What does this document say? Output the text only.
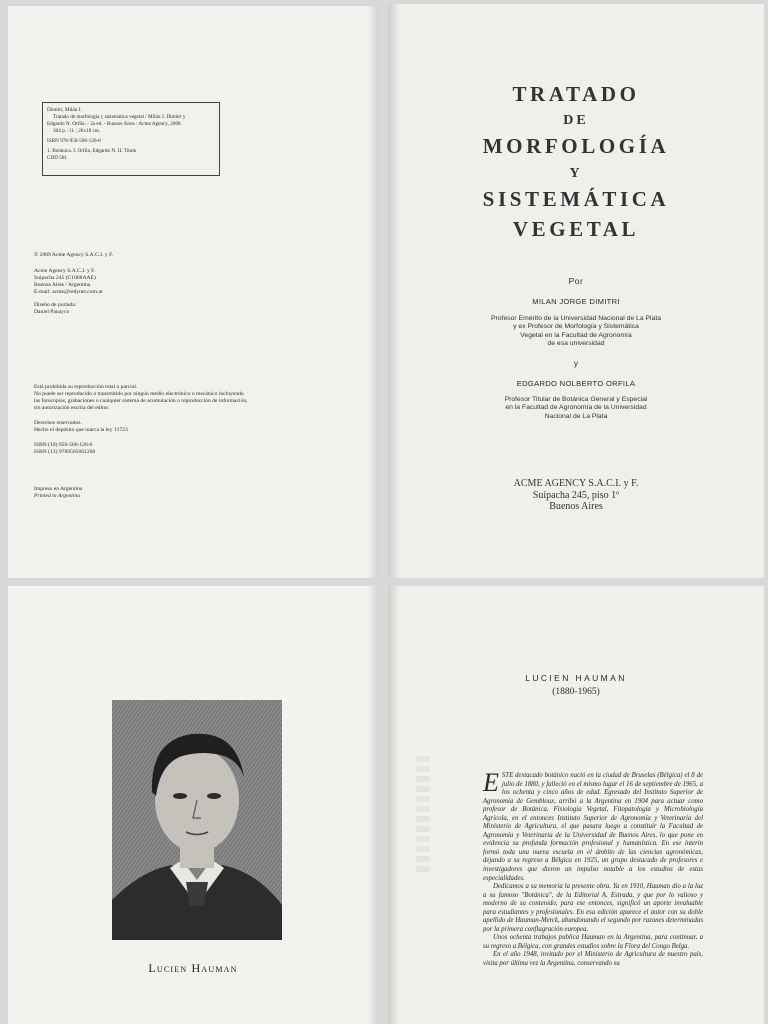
Dimitri, Milán J.
Tratado de morfología y sistemática vegetal / Milán J. Dimitri y
Edgardo N. Orfila. - 2a ed. - Buenos Aires : Acme Agency, 2008.
304 p. : il. ; 26x18 cm.
ISBN 978-950-566-126-6
1. Botánica. I. Orfila, Edgardo N. II. Título
CDD 581
© 2009 Acme Agency S.A.C.I. y F.
Acme Agency S.A.C.I. y F.
Suipacha 245 (C1008AAE)
Buenos Aires / Argentina
E-mail: acme@redynet.com.ar
Diseño de portada:
Daniel Panayco
Está prohibida su reproducción total o parcial.
No puede ser reproducido o transmitido por ningún medio electrónico o mecánico incluyendo
las fotocopias, grabaciones o cualquier sistema de acumulación o reproducción de información,
sin autorización escrita del editor.
Derechos reservados.
Hecho el depósito que marca la ley 11723
ISBN (10) 950-566-126-6
ISBN (13) 9789505661268
Impreso en Argentina
Printed in Argentina
TRATADO
DE
MORFOLOGÍA
Y
SISTEMÁTICA
VEGETAL
Por
MILAN JORGE DIMITRI
Profesor Emérito de la Universidad Nacional de La Plata
y ex Profesor de Morfología y Sistemática
Vegetal en la Facultad de Agronomía
de esa universidad
y
EDGARDO NOLBERTO ORFILA
Profesor Titular de Botánica General y Especial
en la Facultad de Agronomía de la Universidad
Nacional de La Plata
ACME AGENCY S.A.C.I. y F.
Suipacha 245, piso 1º
Buenos Aires
Lucien Hauman
LUCIEN HAUMAN
(1880-1965)

ESTE destacado botánico nació en la ciudad de Bruselas (Bélgica) el 8 de julio de 1880, y falleció en el mismo lugar el 16 de septiembre de 1965, a los ochenta y cinco años de edad. Egresado del Instituto Superior de Agronomía de Gembloux, arribó a la Argentina en 1904 para actuar como profesor de Botánica, Fisiología Vegetal, Fitopatología y Microbiología Agrícola, en el entonces Instituto Superior de Agronomía y Veterinaria del Ministerio de Agricultura, el que pasara luego a constituir la Facultad de Agronomía y Veterinaria de la Universidad de Buenos Aires, lo que pone en evidencia su profunda formación profesional y humanística. En ese ínterin formó toda una nueva escuela en el ámbito de las ciencias agronómicas, dejando a su regreso a Bélgica en 1925, un grupo destacado de profesores e investigadores que dieron un impulso notable a los estudios de estas especialidades.

Dedicamos a su memoria la presente obra. Ya en 1910, Hauman dio a la luz a su famoso "Botánica", de la Editorial A. Estrada, y que por lo valioso y moderno de su contenido, para ese entonces, significó un aporte invaluable para estudiantes y profesionales. En esa edición aparece el autor con su doble apellido de Hauman-Merck, abandonando el segundo por razones determinadas por la primera conflagración europea.

Unos ochenta trabajos publica Hauman en la Argentina, para continuar, a su regreso a Bélgica, con grandes estudios sobre la Flora del Congo Belga.

En el año 1948, invitado por el Ministerio de Agricultura de nuestro país, visita por última vez la Argentina, conservando su
